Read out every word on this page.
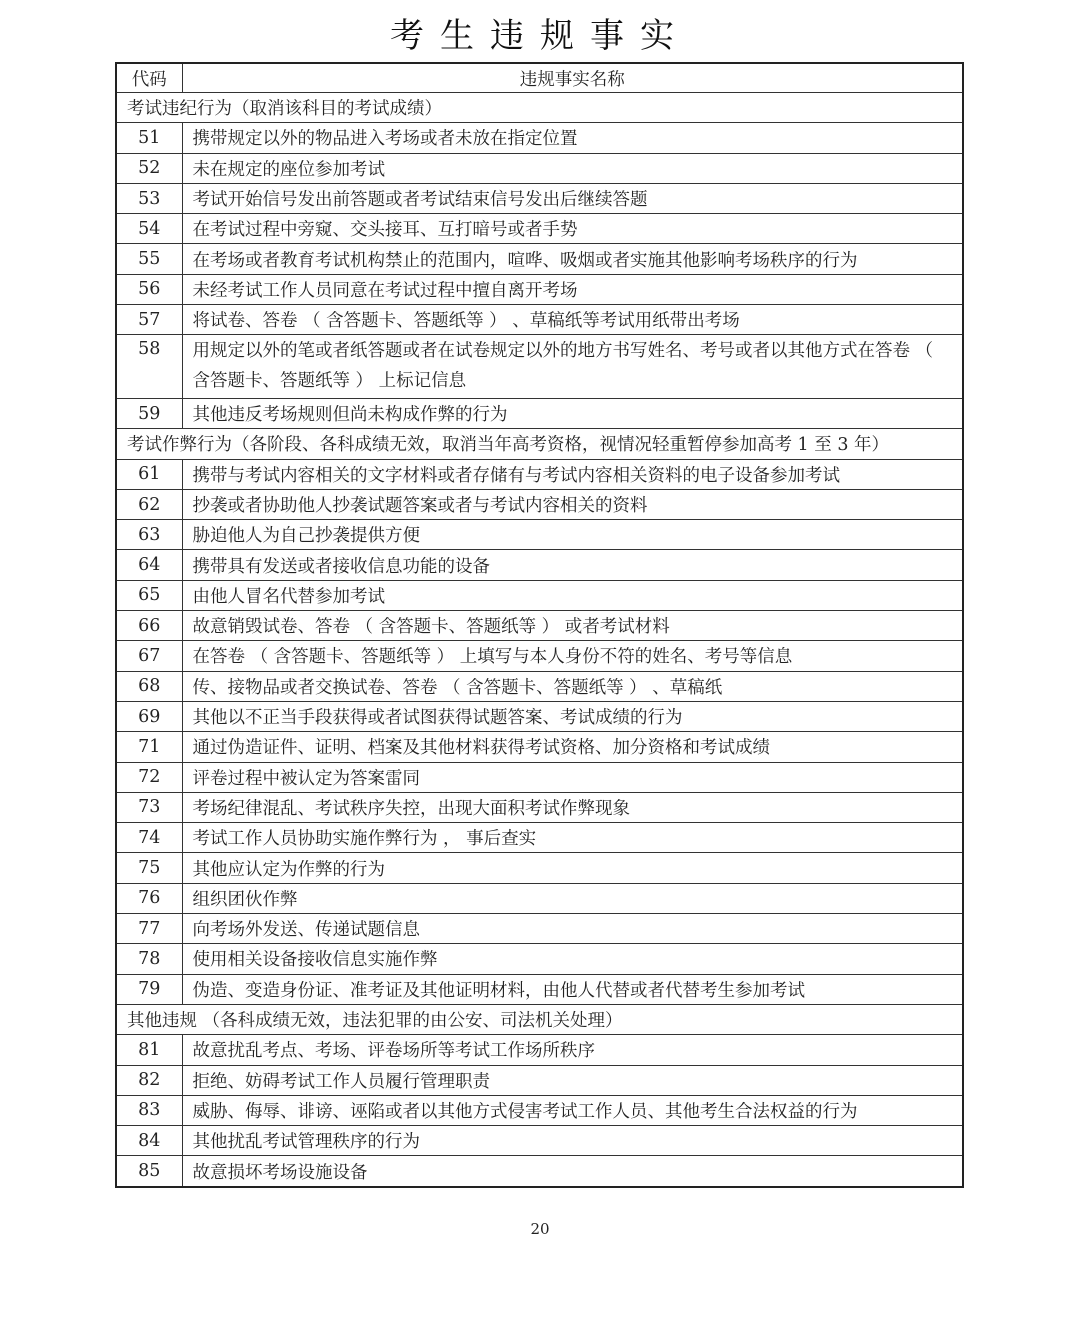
考生违规事实
代码	违规事实名称
考试违纪行为（取消该科目的考试成绩）	
51	携带规定以外的物品进入考场或者未放在指定位置
52	未在规定的座位参加考试
53	考试开始信号发出前答题或者考试结束信号发出后继续答题
54	在考试过程中旁窥、交头接耳、互打暗号或者手势
55	在考场或者教育考试机构禁止的范围内，喧哗、吸烟或者实施其他影响考场秩序的行为
56	未经考试工作人员同意在考试过程中擅自离开考场
57	将试卷、答卷 （ 含答题卡、答题纸等 ） 、草稿纸等考试用纸带出考场
58	用规定以外的笔或者纸答题或者在试卷规定以外的地方书写姓名、考号或者以其他方式在答卷 （ 含答题卡、答题纸等 ） 上标记信息
59	其他违反考场规则但尚未构成作弊的行为
考试作弊行为（各阶段、各科成绩无效，取消当年高考资格，视情况轻重暂停参加高考 1 至 3 年）	
61	携带与考试内容相关的文字材料或者存储有与考试内容相关资料的电子设备参加考试
62	抄袭或者协助他人抄袭试题答案或者与考试内容相关的资料
63	胁迫他人为自己抄袭提供方便
64	携带具有发送或者接收信息功能的设备
65	由他人冒名代替参加考试
66	故意销毁试卷、答卷 （ 含答题卡、答题纸等 ） 或者考试材料
67	在答卷 （ 含答题卡、答题纸等 ） 上填写与本人身份不符的姓名、考号等信息
68	传、接物品或者交换试卷、答卷 （ 含答题卡、答题纸等 ） 、草稿纸
69	其他以不正当手段获得或者试图获得试题答案、考试成绩的行为
71	通过伪造证件、证明、档案及其他材料获得考试资格、加分资格和考试成绩
72	评卷过程中被认定为答案雷同
73	考场纪律混乱、考试秩序失控，出现大面积考试作弊现象
74	考试工作人员协助实施作弊行为 ， 事后查实
75	其他应认定为作弊的行为
76	组织团伙作弊
77	向考场外发送、传递试题信息
78	使用相关设备接收信息实施作弊
79	伪造、变造身份证、准考证及其他证明材料，由他人代替或者代替考生参加考试
其他违规 （各科成绩无效，违法犯罪的由公安、司法机关处理）	
81	故意扰乱考点、考场、评卷场所等考试工作场所秩序
82	拒绝、妨碍考试工作人员履行管理职责
83	威胁、侮辱、诽谤、诬陷或者以其他方式侵害考试工作人员、其他考生合法权益的行为
84	其他扰乱考试管理秩序的行为
85	故意损坏考场设施设备
20
